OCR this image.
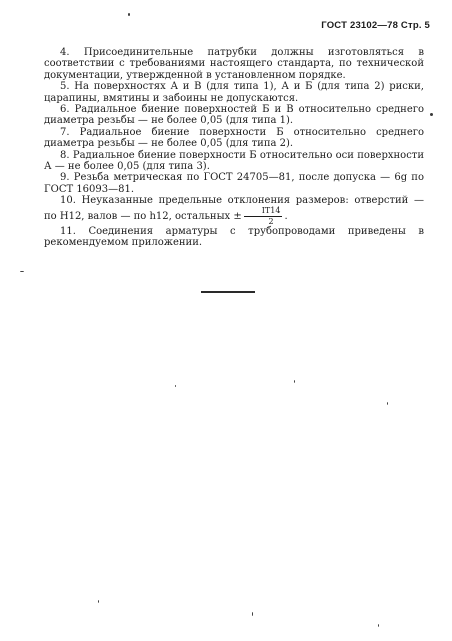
ГОСТ 23102—78 Стр. 5

4. Присоединительные патрубки должны изготовляться в соответствии с требованиями настоящего стандарта, по технической документации, утвержденной в установленном порядке.

5. На поверхностях А и В (для типа 1), А и Б (для типа 2) риски, царапины, вмятины и забоины не допускаются.

6. Радиальное биение поверхностей Б и В относительно среднего диаметра резьбы — не более 0,05 (для типа 1).

7. Радиальное биение поверхности Б относительно среднего диаметра резьбы — не более 0,05 (для типа 2).

8. Радиальное биение поверхности Б относительно оси поверхности А — не более 0,05 (для типа 3).

9. Резьба метрическая по ГОСТ 24705—81, после допуска — 6g по ГОСТ 16093—81.

10. Неуказанные предельные отклонения размеров: отверстий — по H12, валов — по h12, остальных ± $\frac{IT14}{2}$ .

11. Соединения арматуры с трубопроводами приведены в рекомендуемом приложении.
